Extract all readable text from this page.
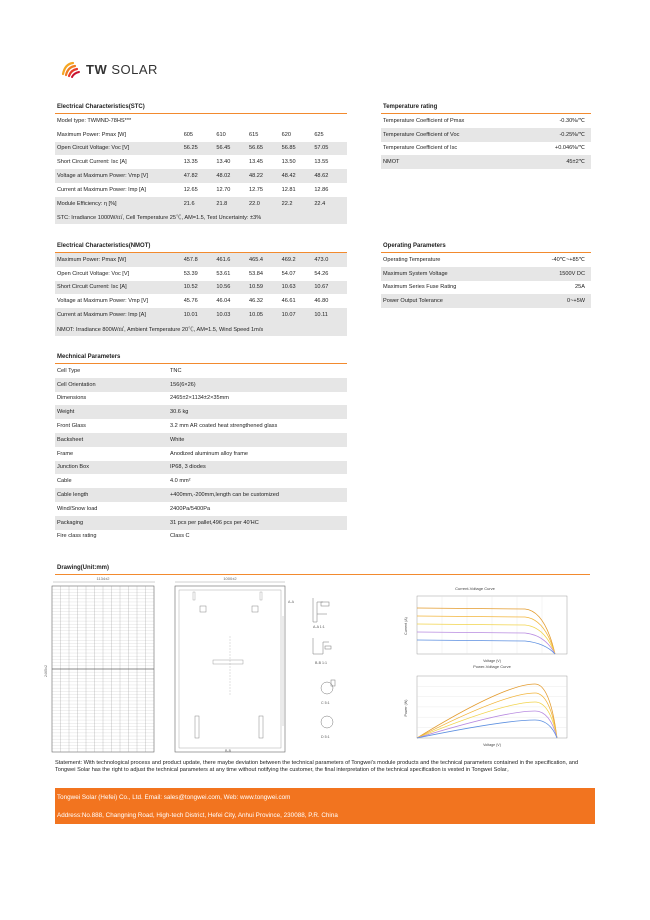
TW SOLAR
Electrical Characteristics(STC)
Model type: TWMND-78HS***
Maximum Power: Pmax [W]	605	610	615	620	625
Open Circuit Voltage: Voc [V]	56.25	56.45	56.65	56.85	57.05
Short Circuit Current: Isc [A]	13.35	13.40	13.45	13.50	13.55
Voltage at Maximum Power: Vmp [V]	47.82	48.02	48.22	48.42	48.62
Current at Maximum Power: Imp [A]	12.65	12.70	12.75	12.81	12.86
Module Efficiency: η [%]	21.6	21.8	22.0	22.2	22.4
STC: Irradiance 1000W/㎡, Cell Temperature 25℃, AM=1.5, Test Uncertainty: ±3%
Temperature rating
Temperature Coefficient of Pmax	-0.30%/℃
Temperature Coefficient of Voc	-0.25%/℃
Temperature Coefficient of Isc	+0.046%/℃
NMOT	45±2℃
Electrical Characteristics(NMOT)
Maximum Power: Pmax [W]	457.8	461.6	465.4	469.2	473.0
Open Circuit Voltage: Voc [V]	53.39	53.61	53.84	54.07	54.26
Short Circuit Current: Isc [A]	10.52	10.56	10.59	10.63	10.67
Voltage at Maximum Power: Vmp [V]	45.76	46.04	46.32	46.61	46.80
Current at Maximum Power: Imp [A]	10.01	10.03	10.05	10.07	10.11
NMOT: Irradiance 800W/㎡, Ambient Temperature 20℃, AM=1.5, Wind Speed 1m/s
Operating Parameters
Operating Temperature	-40℃~+85℃
Maximum System Voltage	1500V DC
Maximum Series Fuse Rating	25A
Power Output Tolerance	0~+5W
Mechnical Parameters
Cell Type	TNC
Cell Orientation	156(6×26)
Dimensions	2465±2×1134±2×35mm
Weight	30.6 kg
Front Glass	3.2 mm AR coated heat strengthened glass
Backsheet	White
Frame	Anodized aluminum alloy frame
Junction Box	IP68, 3 diodes
Cable	4.0 mm²
Cable length	+400mm,-200mm,length can be customized
Wind/Snow load	2400Pa/5400Pa
Packaging	31 pcs per pallet,496 pcs per 40'HC
Fire class rating	Class C
Drawing(Unit:mm)
1134±2
2465±2
1000±2
A-A
B-B
A-A 1:1
B-B 1:1
C 5:1
D 5:1
Current-Voltage Curve
Voltage (V)
Current (A)
Power-Voltage Curve
Voltage (V)
Power (W)
Statement: With technological process and product update, there maybe deviation between the technical parameters of Tongwei's module products and the technical parameters contained in the specification, and Tongwei Solar has the right to adjust the technical parameters at any time without notifying the customer, the final interpretation of the technical specification is vested in Tongwei Solar。
Tongwei Solar (Hefei) Co., Ltd. Email: sales@tongwei.com, Web: www.tongwei.com
Address:No.888, Changning Road, High-tech District, Hefei City, Anhui Province, 230088, P.R. China
